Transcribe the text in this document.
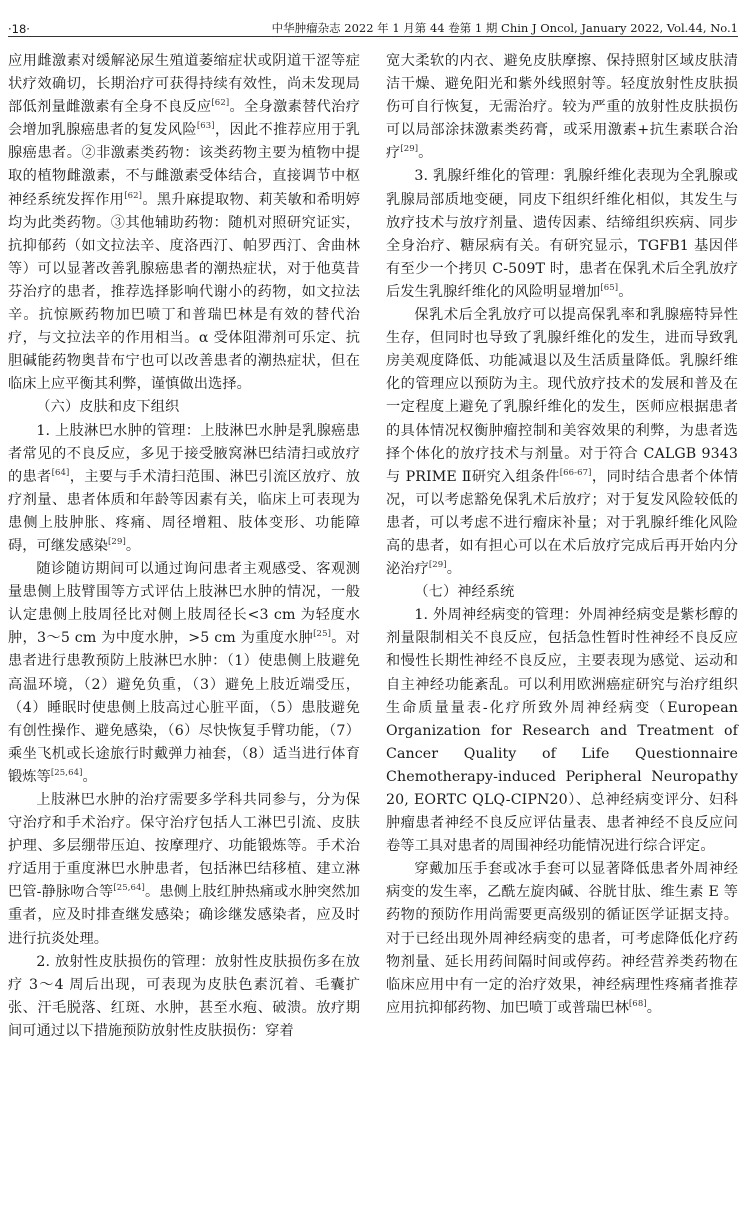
·18·	中华肿瘤杂志 2022 年 1 月第 44 卷第 1 期 Chin J Oncol, January 2022, Vol.44, No.1

应用雌激素对缓解泌尿生殖道萎缩症状或阴道干涩等症状疗效确切，长期治疗可获得持续有效性，尚未发现局部低剂量雌激素有全身不良反应[62]。全身激素替代治疗会增加乳腺癌患者的复发风险[63]，因此不推荐应用于乳腺癌患者。②非激素类药物：该类药物主要为植物中提取的植物雌激素，不与雌激素受体结合，直接调节中枢神经系统发挥作用[62]。黑升麻提取物、莉芙敏和希明婷均为此类药物。③其他辅助药物：随机对照研究证实，抗抑郁药（如文拉法辛、度洛西汀、帕罗西汀、舍曲林等）可以显著改善乳腺癌患者的潮热症状，对于他莫昔芬治疗的患者，推荐选择影响代谢小的药物，如文拉法辛。抗惊厥药物加巴喷丁和普瑞巴林是有效的替代治疗，与文拉法辛的作用相当。α 受体阻滞剂可乐定、抗胆碱能药物奥昔布宁也可以改善患者的潮热症状，但在临床上应平衡其利弊，谨慎做出选择。

（六）皮肤和皮下组织

1. 上肢淋巴水肿的管理：上肢淋巴水肿是乳腺癌患者常见的不良反应，多见于接受腋窝淋巴结清扫或放疗的患者[64]，主要与手术清扫范围、淋巴引流区放疗、放疗剂量、患者体质和年龄等因素有关，临床上可表现为患侧上肢肿胀、疼痛、周径增粗、肢体变形、功能障碍，可继发感染[29]。

随诊随访期间可以通过询问患者主观感受、客观测量患侧上肢臂围等方式评估上肢淋巴水肿的情况，一般认定患侧上肢周径比对侧上肢周径长<3 cm 为轻度水肿，3～5 cm 为中度水肿，>5 cm 为重度水肿[25]。对患者进行患教预防上肢淋巴水肿：（1）使患侧上肢避免高温环境，（2）避免负重，（3）避免上肢近端受压，（4）睡眠时使患侧上肢高过心脏平面，（5）患肢避免有创性操作、避免感染，（6）尽快恢复手臂功能，（7）乘坐飞机或长途旅行时戴弹力袖套，（8）适当进行体育锻炼等[25,64]。

上肢淋巴水肿的治疗需要多学科共同参与，分为保守治疗和手术治疗。保守治疗包括人工淋巴引流、皮肤护理、多层绷带压迫、按摩理疗、功能锻炼等。手术治疗适用于重度淋巴水肿患者，包括淋巴结移植、建立淋巴管-静脉吻合等[25,64]。患侧上肢红肿热痛或水肿突然加重者，应及时排查继发感染；确诊继发感染者，应及时进行抗炎处理。

2. 放射性皮肤损伤的管理：放射性皮肤损伤多在放疗 3～4 周后出现，可表现为皮肤色素沉着、毛囊扩张、汗毛脱落、红斑、水肿，甚至水疱、破溃。放疗期间可通过以下措施预防放射性皮肤损伤：穿着

宽大柔软的内衣、避免皮肤摩擦、保持照射区域皮肤清洁干燥、避免阳光和紫外线照射等。轻度放射性皮肤损伤可自行恢复，无需治疗。较为严重的放射性皮肤损伤可以局部涂抹激素类药膏，或采用激素+抗生素联合治疗[29]。

3. 乳腺纤维化的管理：乳腺纤维化表现为全乳腺或乳腺局部质地变硬，同皮下组织纤维化相似，其发生与放疗技术与放疗剂量、遗传因素、结缔组织疾病、同步全身治疗、糖尿病有关。有研究显示，TGFB1 基因伴有至少一个拷贝 C-509T 时，患者在保乳术后全乳放疗后发生乳腺纤维化的风险明显增加[65]。

保乳术后全乳放疗可以提高保乳率和乳腺癌特异性生存，但同时也导致了乳腺纤维化的发生，进而导致乳房美观度降低、功能减退以及生活质量降低。乳腺纤维化的管理应以预防为主。现代放疗技术的发展和普及在一定程度上避免了乳腺纤维化的发生，医师应根据患者的具体情况权衡肿瘤控制和美容效果的利弊，为患者选择个体化的放疗技术与剂量。对于符合 CALGB 9343 与 PRIME Ⅱ研究入组条件[66-67]，同时结合患者个体情况，可以考虑豁免保乳术后放疗；对于复发风险较低的患者，可以考虑不进行瘤床补量；对于乳腺纤维化风险高的患者，如有担心可以在术后放疗完成后再开始内分泌治疗[29]。

（七）神经系统

1. 外周神经病变的管理：外周神经病变是紫杉醇的剂量限制相关不良反应，包括急性暂时性神经不良反应和慢性长期性神经不良反应，主要表现为感觉、运动和自主神经功能紊乱。可以利用欧洲癌症研究与治疗组织生命质量量表-化疗所致外周神经病变（European Organization for Research and Treatment of Cancer Quality of Life Questionnaire Chemotherapy-induced Peripheral Neuropathy 20, EORTC QLQ-CIPN20）、总神经病变评分、妇科肿瘤患者神经不良反应评估量表、患者神经不良反应问卷等工具对患者的周围神经功能情况进行综合评定。

穿戴加压手套或冰手套可以显著降低患者外周神经病变的发生率，乙酰左旋肉碱、谷胱甘肽、维生素 E 等药物的预防作用尚需要更高级别的循证医学证据支持。对于已经出现外周神经病变的患者，可考虑降低化疗药物剂量、延长用药间隔时间或停药。神经营养类药物在临床应用中有一定的治疗效果，神经病理性疼痛者推荐应用抗抑郁药物、加巴喷丁或普瑞巴林[68]。
